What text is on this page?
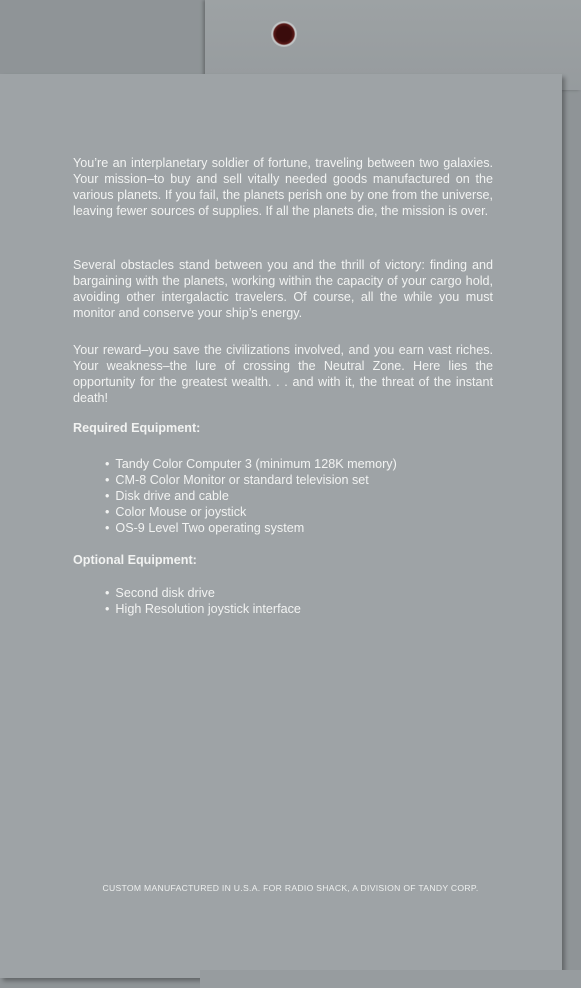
You’re an interplanetary soldier of fortune, traveling between two galaxies. Your mission–to buy and sell vitally needed goods manufactured on the various planets. If you fail, the planets perish one by one from the universe, leaving fewer sources of supplies. If all the planets die, the mission is over.
Several obstacles stand between you and the thrill of victory: finding and bargaining with the planets, working within the capacity of your cargo hold, avoiding other intergalactic travelers. Of course, all the while you must monitor and conserve your ship’s energy.
Your reward–you save the civilizations involved, and you earn vast riches. Your weakness–the lure of crossing the Neutral Zone. Here lies the opportunity for the greatest wealth. . . and with it, the threat of the instant death!
Required Equipment:
• Tandy Color Computer 3 (minimum 128K memory)
• CM-8 Color Monitor or standard television set
• Disk drive and cable
• Color Mouse or joystick
• OS-9 Level Two operating system
Optional Equipment:
• Second disk drive
• High Resolution joystick interface
CUSTOM MANUFACTURED IN U.S.A. FOR RADIO SHACK, A DIVISION OF TANDY CORP.
